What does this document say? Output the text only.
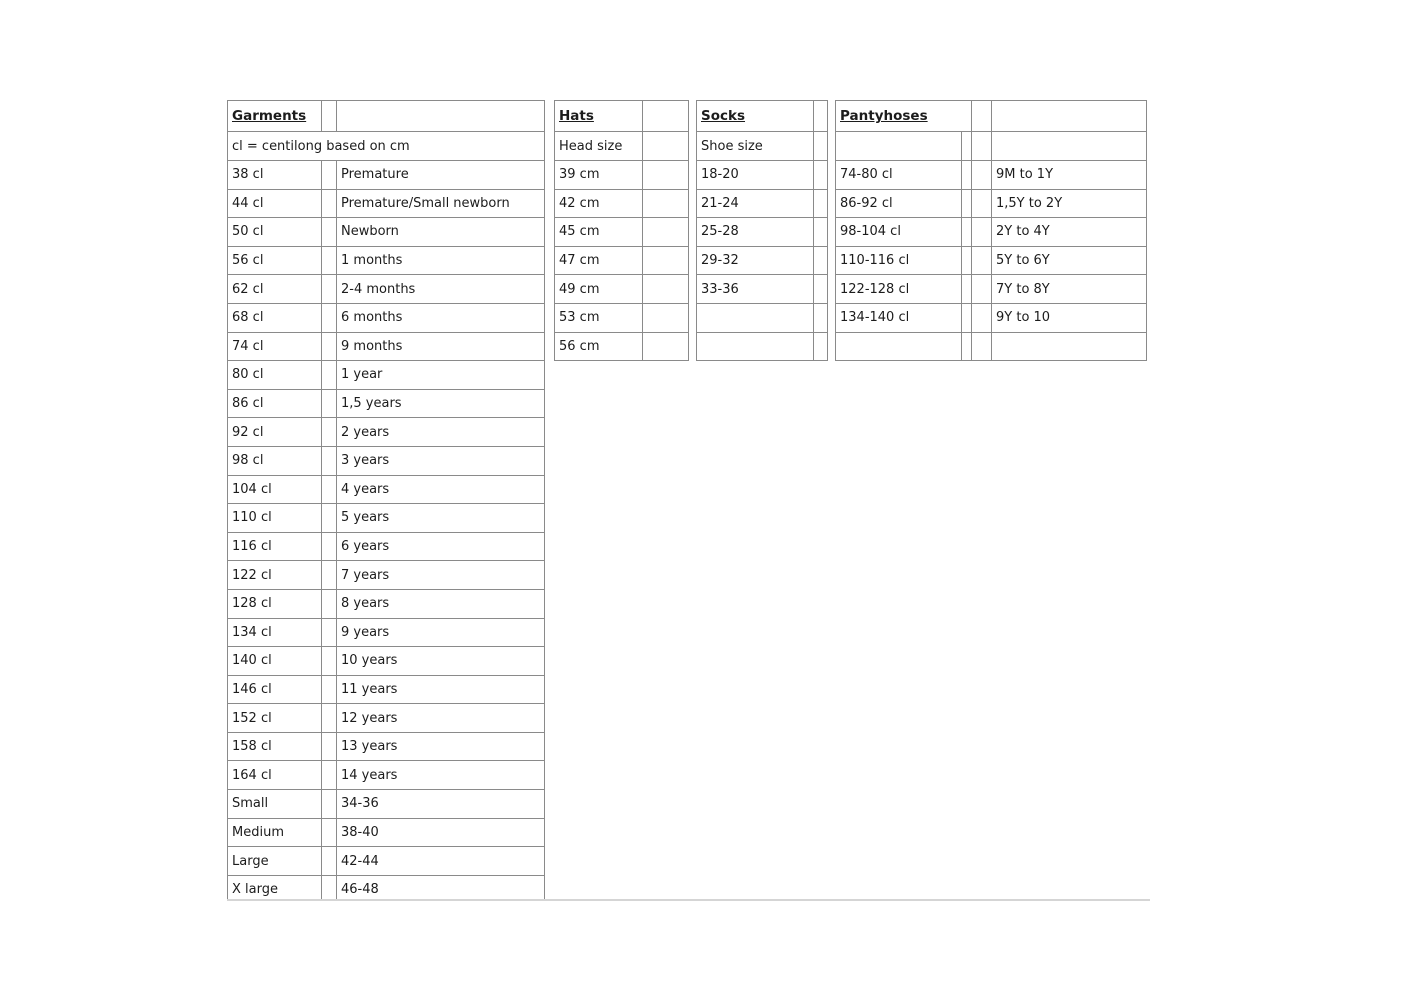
Garments		
cl = centilong based on cm		
38 cl		Premature
44 cl		Premature/Small newborn
50 cl		Newborn
56 cl		1 months
62 cl		2-4 months
68 cl		6 months
74 cl		9 months
80 cl		1 year
86 cl		1,5 years
92 cl		2 years
98 cl		3 years
104 cl		4 years
110 cl		5 years
116 cl		6 years
122 cl		7 years
128 cl		8 years
134 cl		9 years
140 cl		10 years
146 cl		11 years
152 cl		12 years
158 cl		13 years
164 cl		14 years
Small		34-36
Medium		38-40
Large		42-44
X large		46-48
Hats	
Head size	
39 cm	
42 cm	
45 cm	
47 cm	
49 cm	
53 cm	
56 cm	
Socks	
Shoe size	
18-20	
21-24	
25-28	
29-32	
33-36	

Pantyhoses			

74-80 cl			9M to 1Y
86-92 cl			1,5Y to 2Y
98-104 cl			2Y to 4Y
110-116 cl			5Y to 6Y
122-128 cl			7Y to 8Y
134-140 cl			9Y to 10
